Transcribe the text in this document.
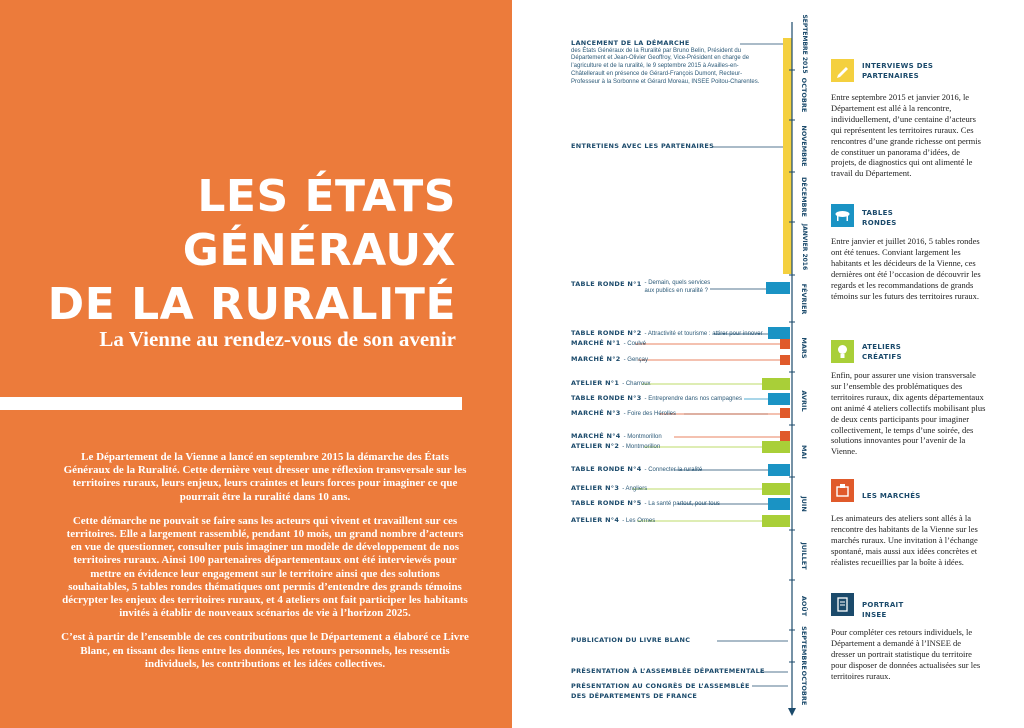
LES ÉTATS
GÉNÉRAUX
DE LA RURALITÉ
La Vienne au rendez-vous de son avenir

Le Département de la Vienne a lancé en septembre 2015 la démarche des États Généraux de la Ruralité. Cette dernière veut dresser une réflexion transversale sur les territoires ruraux, leurs enjeux, leurs craintes et leurs forces pour imaginer ce que pourrait être la ruralité dans 10 ans.

Cette démarche ne pouvait se faire sans les acteurs qui vivent et travaillent sur ces territoires. Elle a largement rassemblé, pendant 10 mois, un grand nombre d’acteurs en vue de questionner, consulter puis imaginer un modèle de développement de nos territoires ruraux. Ainsi 100 partenaires départementaux ont été interviewés pour mettre en évidence leur engagement sur le territoire ainsi que des solutions souhaitables, 5 tables rondes thématiques ont permis d’entendre des grands témoins décrypter les enjeux des territoires ruraux, et 4 ateliers ont fait participer les habitants invités à établir de nouveaux scénarios de vie à l’horizon 2025.

C’est à partir de l’ensemble de ces contributions que le Département a élaboré ce Livre Blanc, en tissant des liens entre les données, les retours personnels, les ressentis individuels, les contributions et les idées collectives.

SEPTEMBRE 2015
OCTOBRE
NOVEMBRE
DÉCEMBRE
JANVIER 2016
FÉVRIER
MARS
AVRIL
MAI
JUIN
JUILLET
AOÛT
SEPTEMBRE
OCTOBRE
LANCEMENT DE LA DÉMARCHE
des États Généraux de la Ruralité par Bruno Belin, Président du Département et Jean-Olivier Geoffroy, Vice-Président en charge de l’agriculture et de la ruralité, le 9 septembre 2015 à Availles-en-Châtellerault en présence de Gérard-François Dumont, Recteur-Professeur à la Sorbonne et Gérard Moreau, INSEE Poitou-Charentes.
ENTRETIENS AVEC LES PARTENAIRES
$^{TABLE RONDE N^\circ 1}$ - Demain, quels services aux publics en ruralité ?
TABLE RONDE N°2 - Attractivité et tourisme : attirer pour innover
MARCHÉ N°1 - Coulvé
MARCHÉ N°2 - Gençay
ATELIER N°1 - Charroux
TABLE RONDE N°3 - Entreprendre dans nos campagnes
MARCHÉ N°3 - Foire des Hérolles
MARCHÉ N°4 - Montmorillon
ATELIER N°2 - Montmorillon
TABLE RONDE N°4 - Connecter la ruralité
ATELIER N°3 - Angliers
TABLE RONDE N°5 - La santé partout, pour tous
ATELIER N°4 - Les Ormes
PUBLICATION DU LIVRE BLANC
PRÉSENTATION À L’ASSEMBLÉE DÉPARTEMENTALE
PRÉSENTATION AU CONGRÈS DE L’ASSEMBLÉE
DES DÉPARTEMENTS DE FRANCE
INTERVIEWS DES
PARTENAIRES
Entre septembre 2015 et janvier 2016, le Département est allé à la rencontre, individuellement, d’une centaine d’acteurs qui représentent les territoires ruraux. Ces rencontres d’une grande richesse ont permis de constituer un panorama d’idées, de projets, de diagnostics qui ont alimenté le travail du Département.
TABLES
RONDES
Entre janvier et juillet 2016, 5 tables rondes ont été tenues. Conviant largement les habitants et les décideurs de la Vienne, ces dernières ont été l’occasion de découvrir les regards et les recommandations de grands témoins sur les futurs des territoires ruraux.
ATELIERS
CRÉATIFS
Enfin, pour assurer une vision transversale sur l’ensemble des problématiques des territoires ruraux, dix agents départementaux ont animé 4 ateliers collectifs mobilisant plus de deux cents participants pour imaginer collectivement, le temps d’une soirée, des solutions innovantes pour l’avenir de la Vienne.
LES MARCHÉS
Les animateurs des ateliers sont allés à la rencontre des habitants de la Vienne sur les marchés ruraux. Une invitation à l’échange spontané, mais aussi aux idées concrètes et réalistes recueillies par la boîte à idées.
PORTRAIT
INSEE
Pour compléter ces retours individuels, le Département a demandé à l’INSEE de dresser un portrait statistique du territoire pour disposer de données actualisées sur les territoires ruraux.
